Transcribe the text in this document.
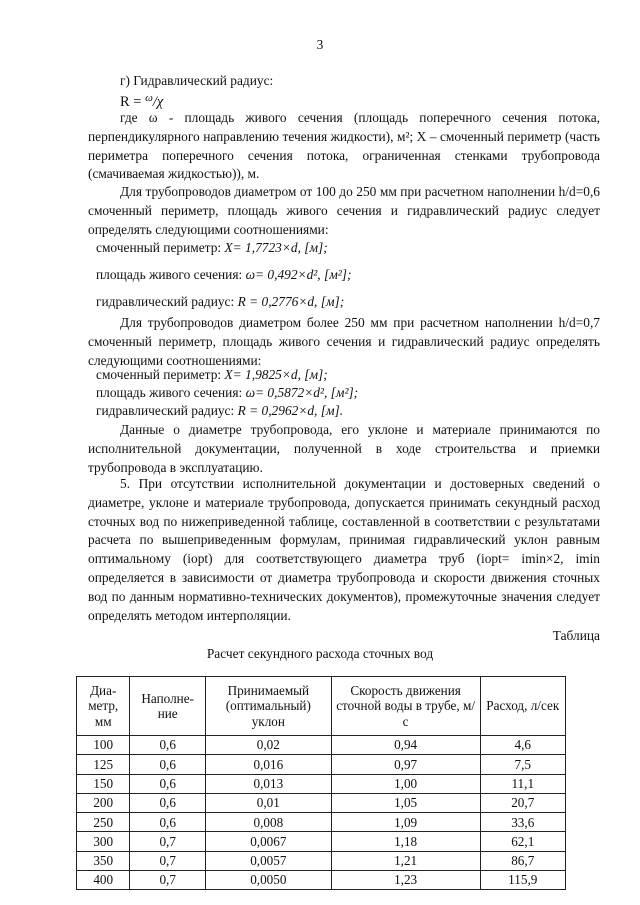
3
г) Гидравлический радиус:
R = $^\omega$/χ
где ω - площадь живого сечения (площадь поперечного сечения потока, перпендикулярного направлению течения жидкости), м²; X – смоченный периметр (часть периметра поперечного сечения потока, ограниченная стенками трубопровода (смачиваемая жидкостью)), м.
Для трубопроводов диаметром от 100 до 250 мм при расчетном наполнении h/d=0,6 смоченный периметр, площадь живого сечения и гидравлический радиус следует определять следующими соотношениями:
смоченный периметр: X= 1,7723×d, [м];
площадь живого сечения: ω= 0,492×d², [м²];
гидравлический радиус: R = 0,2776×d, [м];
Для трубопроводов диаметром более 250 мм при расчетном наполнении h/d=0,7 смоченный периметр, площадь живого сечения и гидравлический радиус определять следующими соотношениями:
смоченный периметр: X= 1,9825×d, [м];
площадь живого сечения: ω= 0,5872×d², [м²];
гидравлический радиус: R = 0,2962×d, [м].
Данные о диаметре трубопровода, его уклоне и материале принимаются по исполнительной документации, полученной в ходе строительства и приемки трубопровода в эксплуатацию.
5. При отсутствии исполнительной документации и достоверных сведений о диаметре, уклоне и материале трубопровода, допускается принимать секундный расход сточных вод по нижеприведенной таблице, составленной в соответствии с результатами расчета по вышеприведенным формулам, принимая гидравлический уклон равным оптимальному (iopt) для соответствующего диаметра труб (iopt= imin×2, imin определяется в зависимости от диаметра трубопровода и скорости движения сточных вод по данным нормативно-технических документов), промежуточные значения следует определять методом интерполяции.
Таблица
Расчет секундного расхода сточных вод
Диа-метр, мм	Наполне-ние	Принимаемый (оптимальный) уклон	Скорость движения сточной воды в трубе, м/с	Расход, л/сек
100	0,6	0,02	0,94	4,6
125	0,6	0,016	0,97	7,5
150	0,6	0,013	1,00	11,1
200	0,6	0,01	1,05	20,7
250	0,6	0,008	1,09	33,6
300	0,7	0,0067	1,18	62,1
350	0,7	0,0057	1,21	86,7
400	0,7	0,0050	1,23	115,9
